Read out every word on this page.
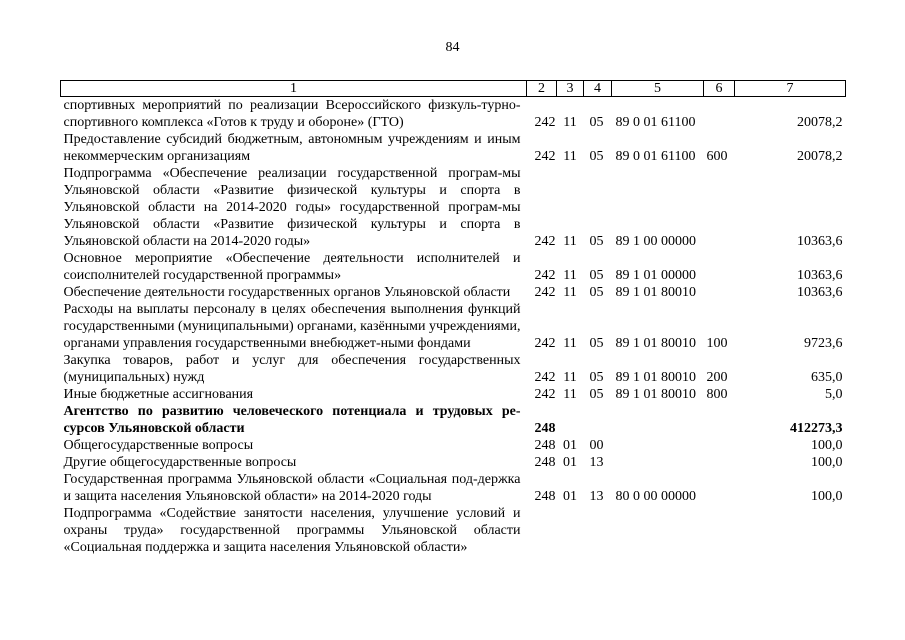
84
1	2	3	4	5	6	7
спортивных мероприятий по реализации Всероссийского физкуль-турно-спортивного комплекса «Готов к труду и обороне» (ГТО)	242	11	05	89 0 01 61100		20078,2
Предоставление субсидий бюджетным, автономным учреждениям и иным некоммерческим организациям	242	11	05	89 0 01 61100	600	20078,2
Подпрограмма «Обеспечение реализации государственной програм-мы Ульяновской области «Развитие физической культуры и спорта в Ульяновской области на 2014-2020 годы» государственной програм-мы Ульяновской области «Развитие физической культуры и спорта в Ульяновской области на 2014-2020 годы»	242	11	05	89 1 00 00000		10363,6
Основное мероприятие «Обеспечение деятельности исполнителей и соисполнителей государственной программы»	242	11	05	89 1 01 00000		10363,6
Обеспечение деятельности государственных органов Ульяновской области	242	11	05	89 1 01 80010		10363,6
Расходы на выплаты персоналу в целях обеспечения выполнения функций государственными (муниципальными) органами, казёнными учреждениями, органами управления государственными внебюджет-ными фондами	242	11	05	89 1 01 80010	100	9723,6
Закупка товаров, работ и услуг для обеспечения государственных (муниципальных) нужд	242	11	05	89 1 01 80010	200	635,0
Иные бюджетные ассигнования	242	11	05	89 1 01 80010	800	5,0
Агентство по развитию человеческого потенциала и трудовых ре-сурсов Ульяновской области	248					412273,3
Общегосударственные вопросы	248	01	00			100,0
Другие общегосударственные вопросы	248	01	13			100,0
Государственная программа Ульяновской области «Социальная под-держка и защита населения Ульяновской области» на 2014-2020 годы	248	01	13	80 0 00 00000		100,0
Подпрограмма «Содействие занятости населения, улучшение условий и охраны труда» государственной программы Ульяновской области «Социальная поддержка и защита населения Ульяновской области»						
